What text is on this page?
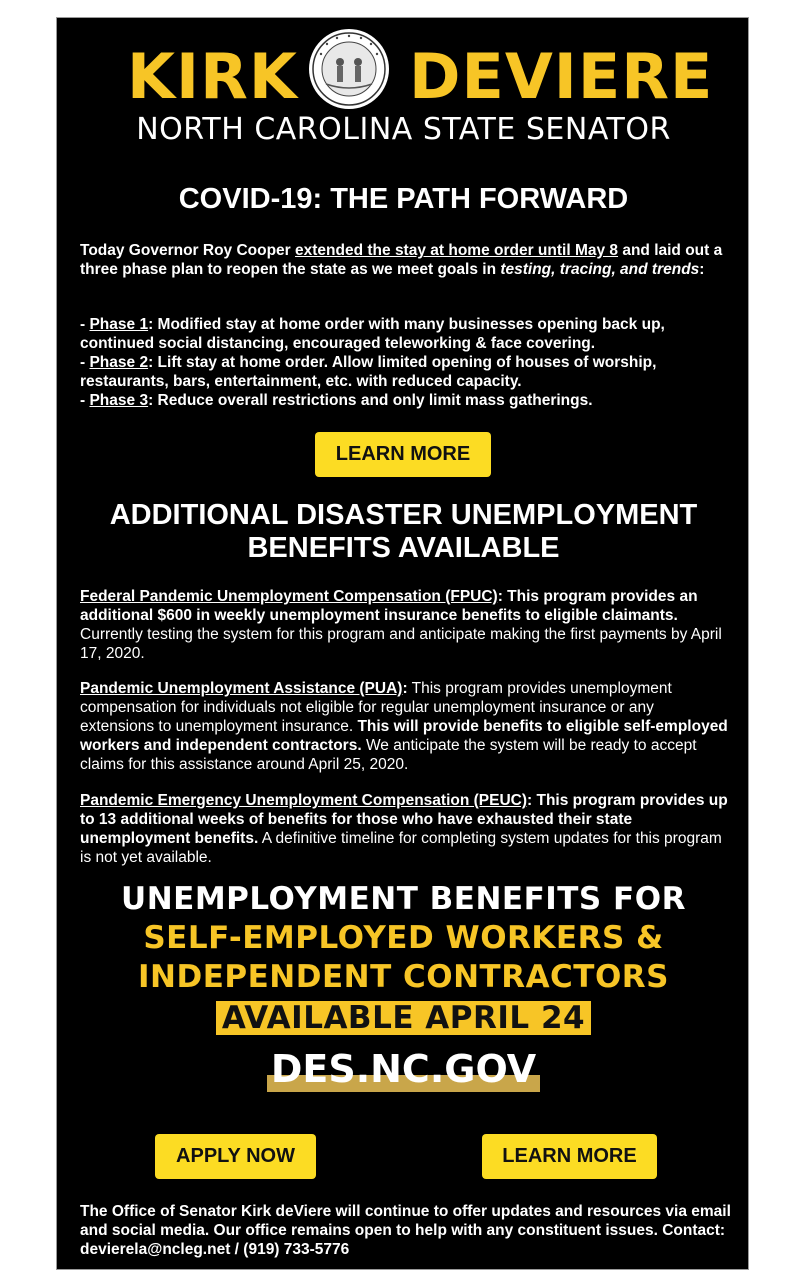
KIRK DEVIERE
NORTH CAROLINA STATE SENATOR
COVID-19: THE PATH FORWARD
Today Governor Roy Cooper extended the stay at home order until May 8 and laid out a three phase plan to reopen the state as we meet goals in testing, tracing, and trends:
- Phase 1: Modified stay at home order with many businesses opening back up, continued social distancing, encouraged teleworking & face covering.
- Phase 2: Lift stay at home order. Allow limited opening of houses of worship, restaurants, bars, entertainment, etc. with reduced capacity.
- Phase 3: Reduce overall restrictions and only limit mass gatherings.
LEARN MORE
ADDITIONAL DISASTER UNEMPLOYMENT
BENEFITS AVAILABLE
Federal Pandemic Unemployment Compensation (FPUC): This program provides an additional $600 in weekly unemployment insurance benefits to eligible claimants. Currently testing the system for this program and anticipate making the first payments by April 17, 2020.
Pandemic Unemployment Assistance (PUA): This program provides unemployment compensation for individuals not eligible for regular unemployment insurance or any extensions to unemployment insurance. This will provide benefits to eligible self-employed workers and independent contractors. We anticipate the system will be ready to accept claims for this assistance around April 25, 2020.
Pandemic Emergency Unemployment Compensation (PEUC): This program provides up to 13 additional weeks of benefits for those who have exhausted their state unemployment benefits. A definitive timeline for completing system updates for this program is not yet available.
UNEMPLOYMENT BENEFITS FOR
SELF-EMPLOYED WORKERS &
INDEPENDENT CONTRACTORS
AVAILABLE APRIL 24
DES.NC.GOV
APPLY NOW	LEARN MORE
The Office of Senator Kirk deViere will continue to offer updates and resources via email and social media. Our office remains open to help with any constituent issues. Contact: devierela@ncleg.net / (919) 733-5776
